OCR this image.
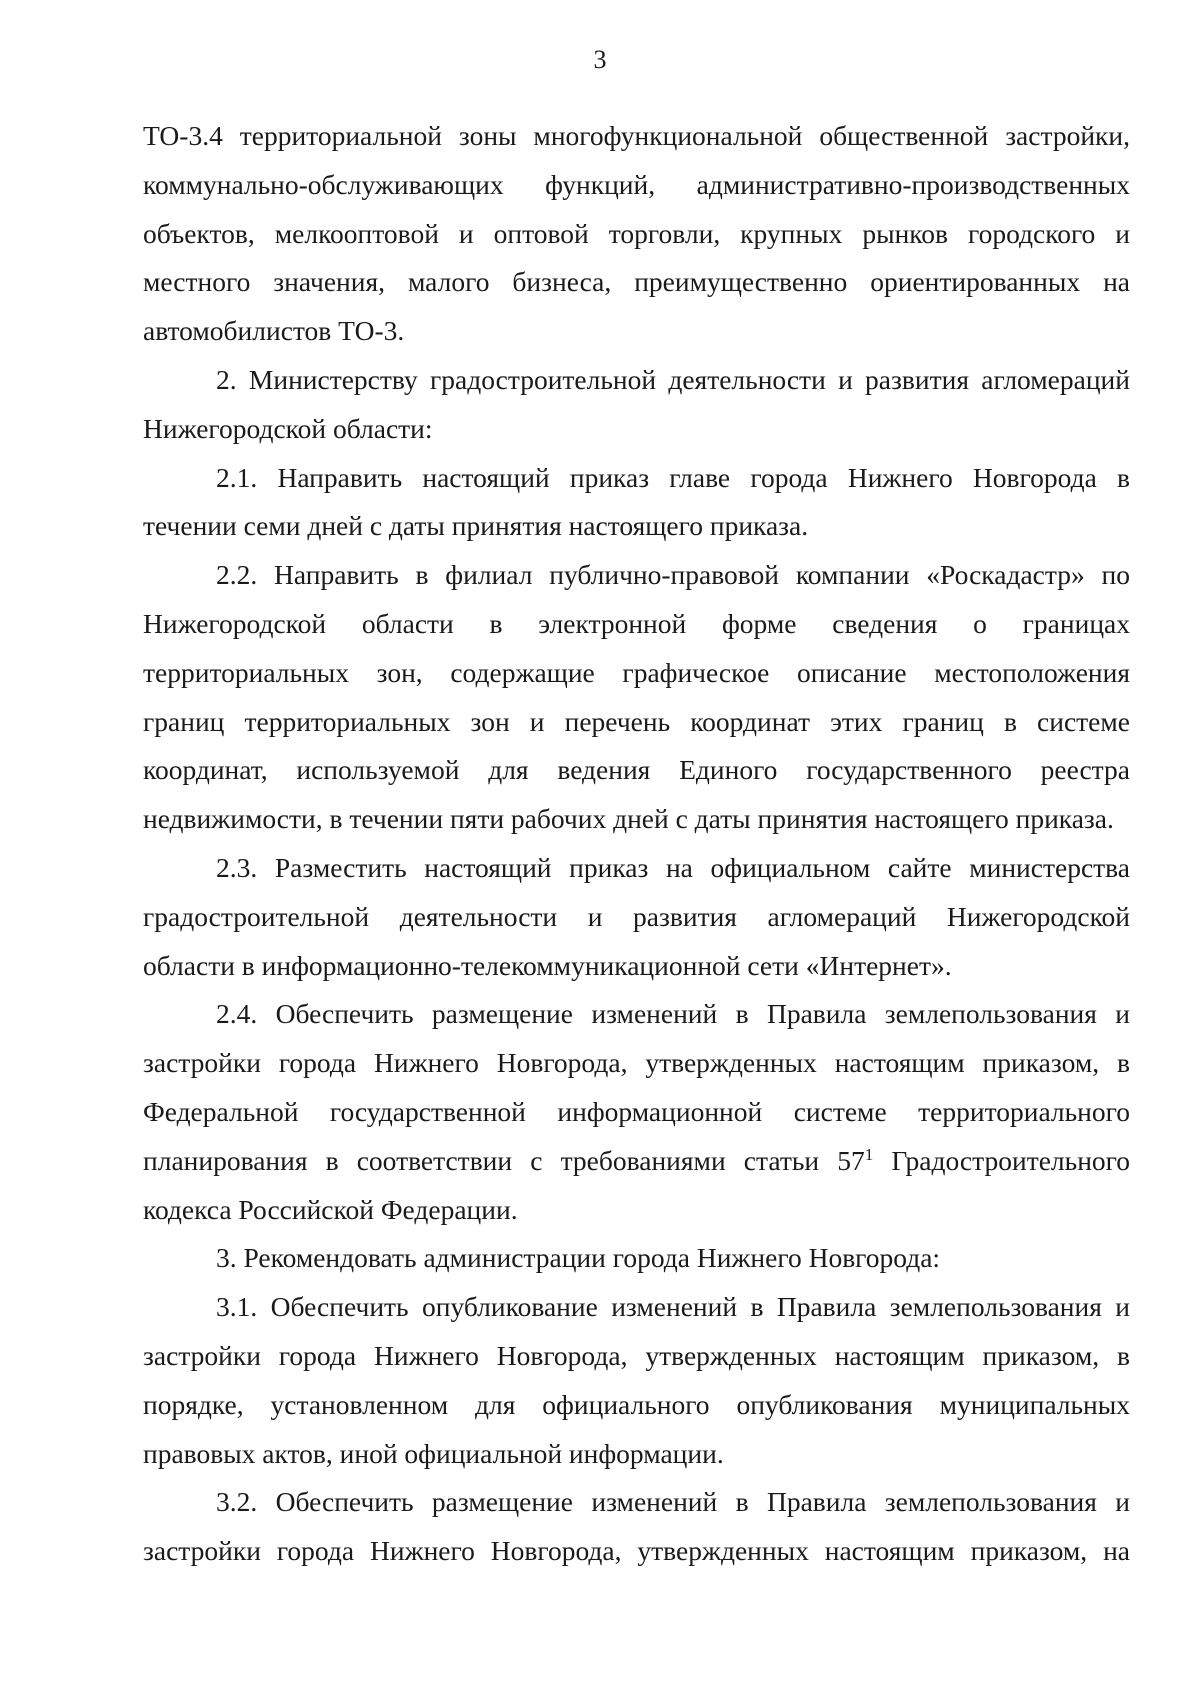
3

ТО-3.4 территориальной зоны многофункциональной общественной застройки,

коммунально-обслуживающих функций, административно-производственных

объектов, мелкооптовой и оптовой торговли, крупных рынков городского и

местного значения, малого бизнеса, преимущественно ориентированных на

автомобилистов ТО-3.

2. Министерству градостроительной деятельности и развития агломераций

Нижегородской области:

2.1. Направить настоящий приказ главе города Нижнего Новгорода в

течении семи дней с даты принятия настоящего приказа.

2.2. Направить в филиал публично-правовой компании «Роскадастр» по

Нижегородской области в электронной форме сведения о границах

территориальных зон, содержащие графическое описание местоположения

границ территориальных зон и перечень координат этих границ в системе

координат, используемой для ведения Единого государственного реестра

недвижимости, в течении пяти рабочих дней с даты принятия настоящего приказа.

2.3. Разместить настоящий приказ на официальном сайте министерства

градостроительной деятельности и развития агломераций Нижегородской

области в информационно-телекоммуникационной сети «Интернет».

2.4. Обеспечить размещение изменений в Правила землепользования и

застройки города Нижнего Новгорода, утвержденных настоящим приказом, в

Федеральной государственной информационной системе территориального

планирования в соответствии с требованиями статьи $57^1$ Градостроительного

кодекса Российской Федерации.

3. Рекомендовать администрации города Нижнего Новгорода:

3.1. Обеспечить опубликование изменений в Правила землепользования и

застройки города Нижнего Новгорода, утвержденных настоящим приказом, в

порядке, установленном для официального опубликования муниципальных

правовых актов, иной официальной информации.

3.2. Обеспечить размещение изменений в Правила землепользования и

застройки города Нижнего Новгорода, утвержденных настоящим приказом, на
